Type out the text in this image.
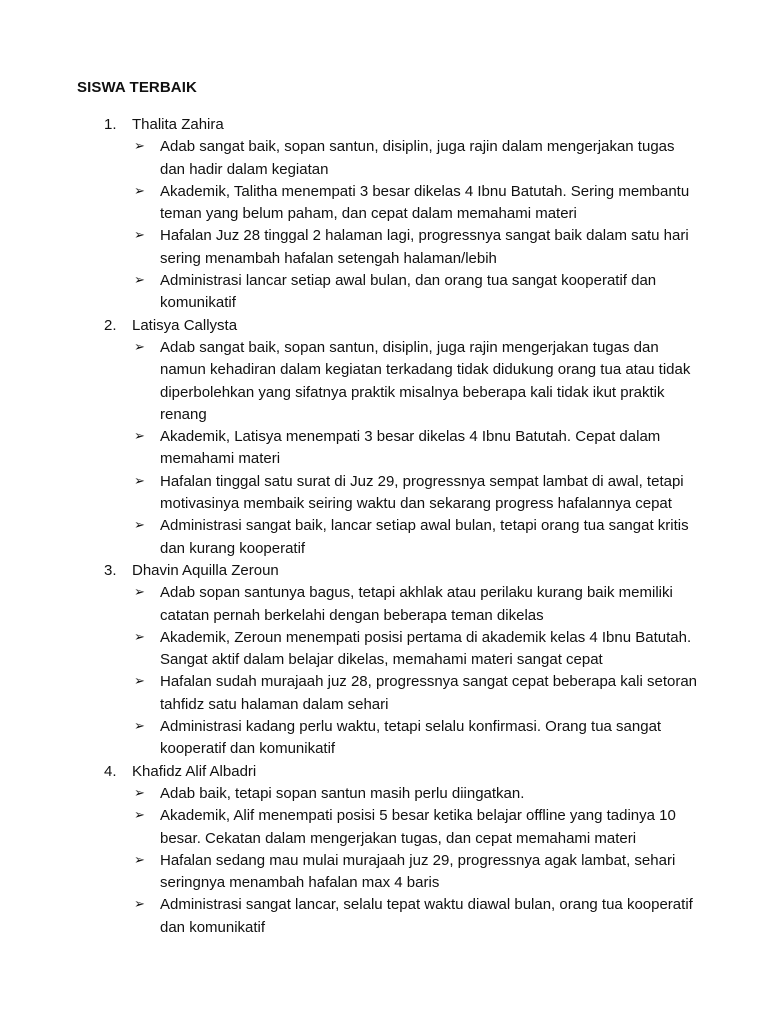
SISWA TERBAIK
1. Thalita Zahira
➢ Adab sangat baik, sopan santun, disiplin, juga rajin dalam mengerjakan tugas dan hadir dalam kegiatan
➢ Akademik, Talitha menempati 3 besar dikelas 4 Ibnu Batutah. Sering membantu teman yang belum paham, dan cepat dalam memahami materi
➢ Hafalan Juz 28 tinggal 2 halaman lagi, progressnya sangat baik dalam satu hari sering menambah hafalan setengah halaman/lebih
➢ Administrasi lancar setiap awal bulan, dan orang tua sangat kooperatif dan komunikatif
2. Latisya Callysta
➢ Adab sangat baik, sopan santun, disiplin, juga rajin mengerjakan tugas dan namun kehadiran dalam kegiatan terkadang tidak didukung orang tua atau tidak diperbolehkan yang sifatnya praktik misalnya beberapa kali tidak ikut praktik renang
➢ Akademik, Latisya menempati 3 besar dikelas 4 Ibnu Batutah. Cepat dalam memahami materi
➢ Hafalan tinggal satu surat di Juz 29, progressnya sempat lambat di awal, tetapi motivasinya membaik seiring waktu dan sekarang progress hafalannya cepat
➢ Administrasi sangat baik, lancar setiap awal bulan, tetapi orang tua sangat kritis dan kurang kooperatif
3. Dhavin Aquilla Zeroun
➢ Adab sopan santunya bagus, tetapi akhlak atau perilaku kurang baik memiliki catatan pernah berkelahi dengan beberapa teman dikelas
➢ Akademik, Zeroun menempati posisi pertama di akademik kelas 4 Ibnu Batutah. Sangat aktif dalam belajar dikelas, memahami materi sangat cepat
➢ Hafalan sudah murajaah juz 28, progressnya sangat cepat beberapa kali setoran tahfidz satu halaman dalam sehari
➢ Administrasi kadang perlu waktu, tetapi selalu konfirmasi. Orang tua sangat kooperatif dan komunikatif
4. Khafidz Alif Albadri
➢ Adab baik, tetapi sopan santun masih perlu diingatkan.
➢ Akademik, Alif menempati posisi 5 besar ketika belajar offline yang tadinya 10 besar. Cekatan dalam mengerjakan tugas, dan cepat memahami materi
➢ Hafalan sedang mau mulai murajaah juz 29, progressnya agak lambat, sehari seringnya menambah hafalan max 4 baris
➢ Administrasi sangat lancar, selalu tepat waktu diawal bulan, orang tua kooperatif dan komunikatif
